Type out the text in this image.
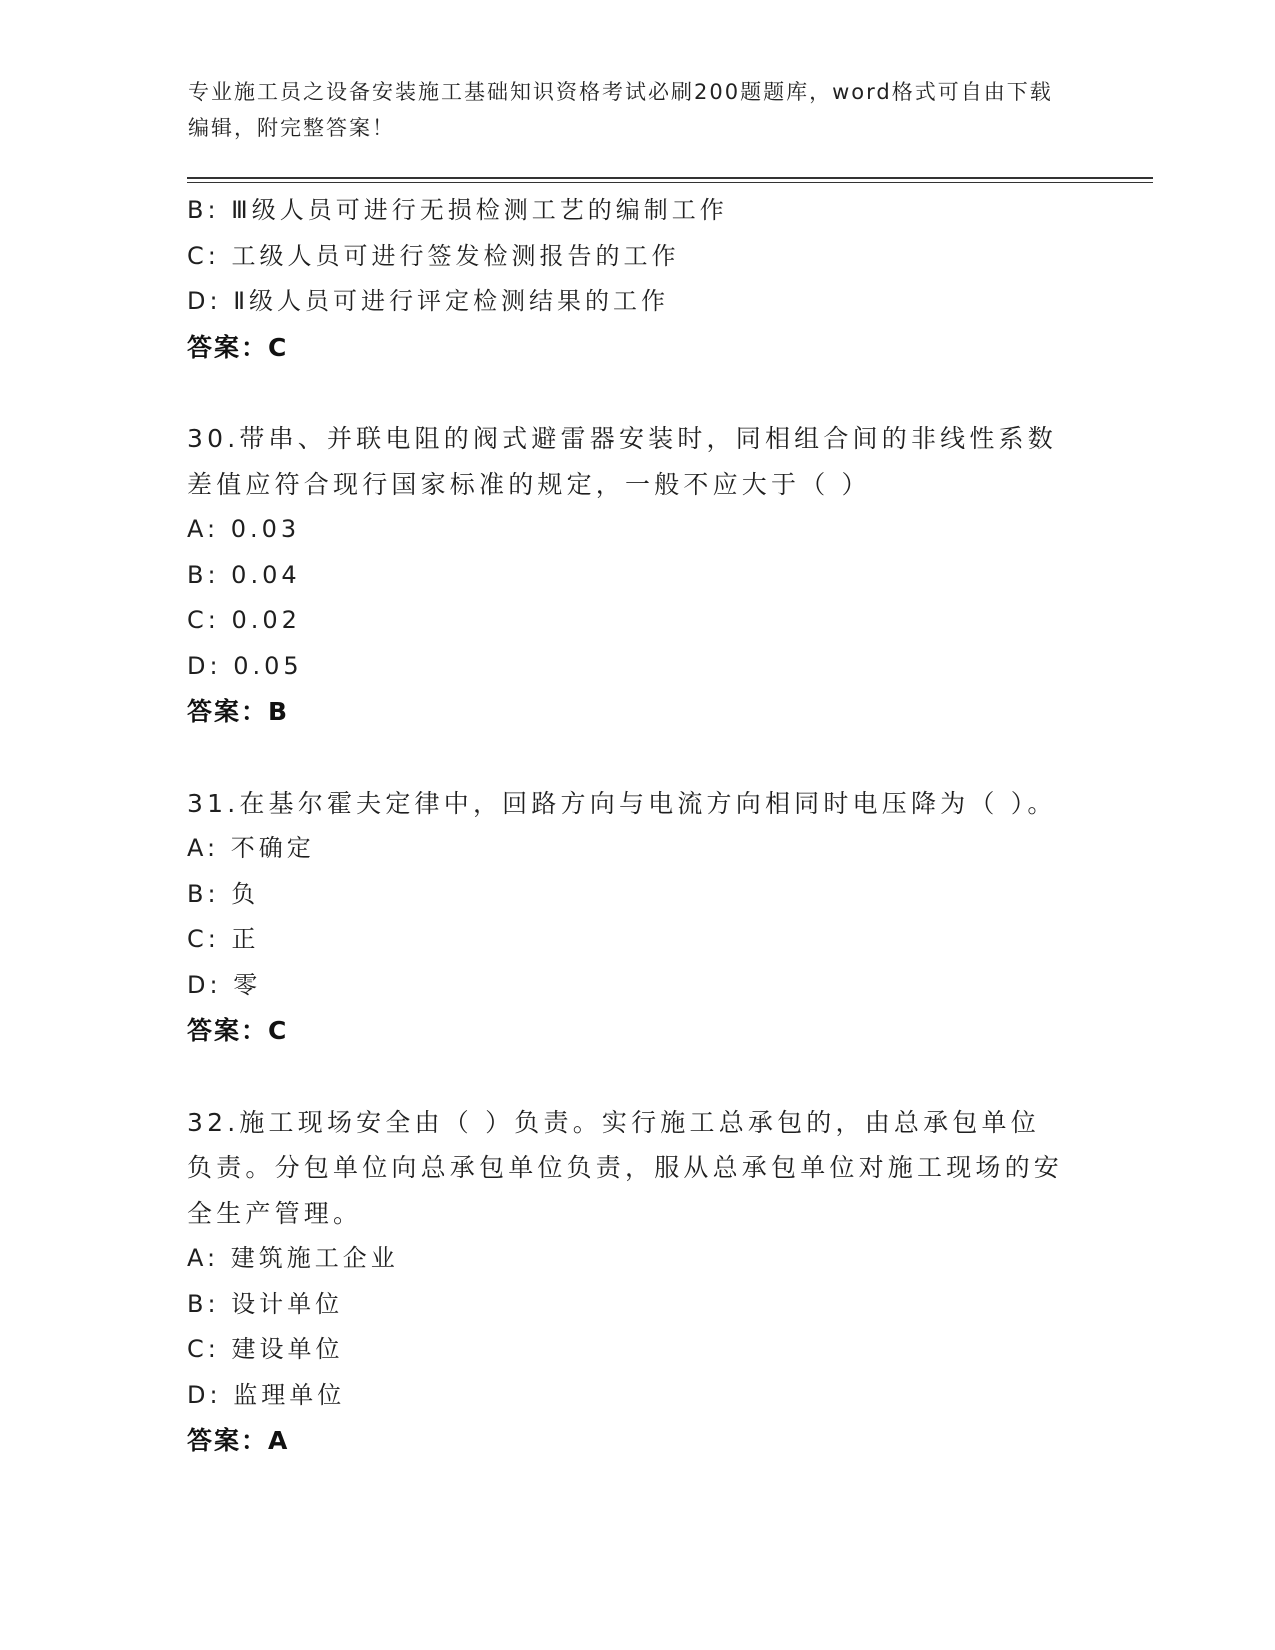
专业施工员之设备安装施工基础知识资格考试必刷200题题库，word格式可自由下载编辑，附完整答案！
B: Ⅲ级人员可进行无损检测工艺的编制工作
C: 工级人员可进行签发检测报告的工作
D: Ⅱ级人员可进行评定检测结果的工作
答案：C
30.带串、并联电阻的阀式避雷器安装时，同相组合间的非线性系数差值应符合现行国家标准的规定，一般不应大于（ ）
A: 0.03
B: 0.04
C: 0.02
D: 0.05
答案：B
31.在基尔霍夫定律中，回路方向与电流方向相同时电压降为（ ）。
A: 不确定
B: 负
C: 正
D: 零
答案：C
32.施工现场安全由（ ）负责。实行施工总承包的，由总承包单位负责。分包单位向总承包单位负责，服从总承包单位对施工现场的安全生产管理。
A: 建筑施工企业
B: 设计单位
C: 建设单位
D: 监理单位
答案：A
